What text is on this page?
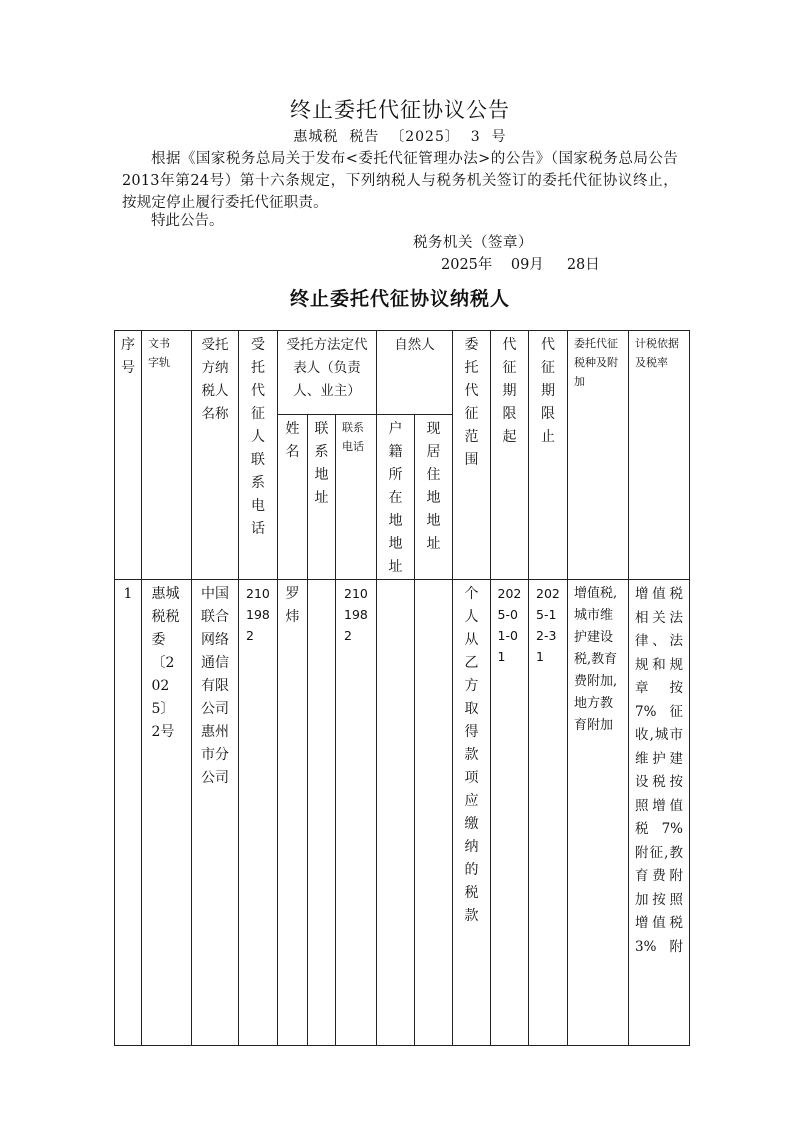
终止委托代征协议公告
惠城税  税告  〔2025〕  3  号
根据《国家税务总局关于发布<委托代征管理办法>的公告》（国家税务总局公告2013年第24号）第十六条规定，下列纳税人与税务机关签订的委托代征协议终止，按规定停止履行委托代征职责。
特此公告。
税务机关（签章）
2025年    09月     28日
终止委托代征协议纳税人
序号	文书字轨	受托方纳税人名称	受托代征人联系电话	受托方法定代表人（负责人、业主）			自然人		委托代征范围	代征期限起	代征期限止	委托代征税种及附加	计税依据及税率

				姓名	联系地址	联系电话	户籍所在地地址	现居住地地址					

1	惠城税税委〔2025〕2号	中国联合网络通信有限公司惠州市分公司	2101982	罗炜		2101982			个人从乙方取得款项应缴纳的税款	2025-01-01	2025-12-31	增值税,城市维护建设税,教育费附加,地方教育附加	增值税相关法律、法规和规章按7%征收,城市维护建设税按照增值税7%附征,教育费附加按照增值税3%附
